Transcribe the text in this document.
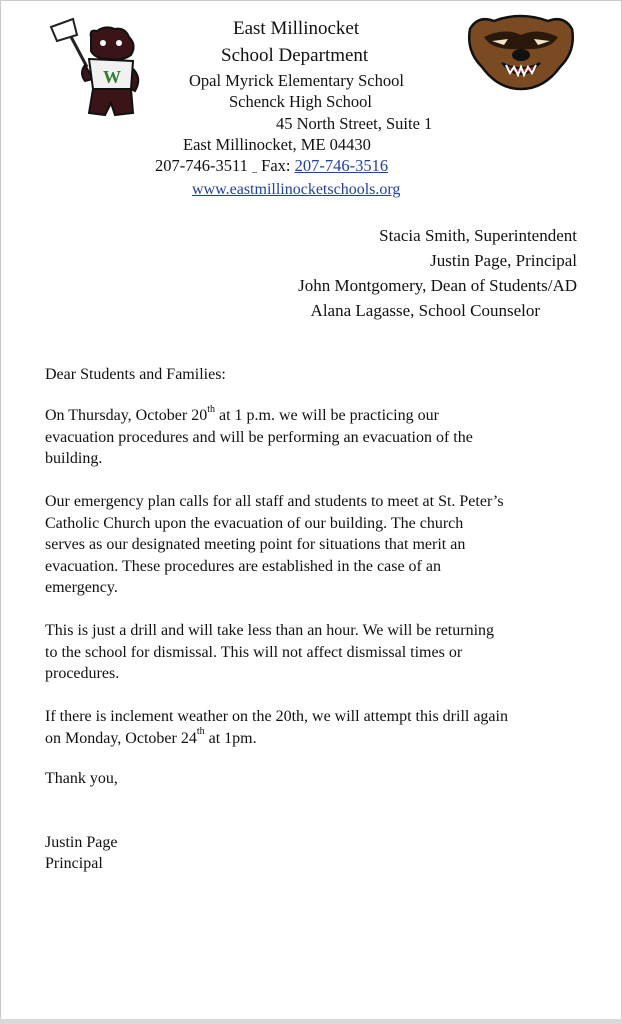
W
East Millinocket
School Department
Opal Myrick Elementary School
Schenck High School
45 North Street, Suite 1
East Millinocket, ME 04430
207-746-3511 _ Fax: 207-746-3516
www.eastmillinocketschools.org
Stacia Smith, Superintendent
Justin Page, Principal
John Montgomery, Dean of Students/AD
Alana Lagasse, School Counselor
Dear Students and Families:
On Thursday, October 20th at 1 p.m. we will be practicing our
evacuation procedures and will be performing an evacuation of the
building.
Our emergency plan calls for all staff and students to meet at St. Peter’s
Catholic Church upon the evacuation of our building. The church
serves as our designated meeting point for situations that merit an
evacuation. These procedures are established in the case of an
emergency.
This is just a drill and will take less than an hour. We will be returning
to the school for dismissal. This will not affect dismissal times or
procedures.
If there is inclement weather on the 20th, we will attempt this drill again
on Monday, October 24th at 1pm.
Thank you,
Justin Page
Principal
